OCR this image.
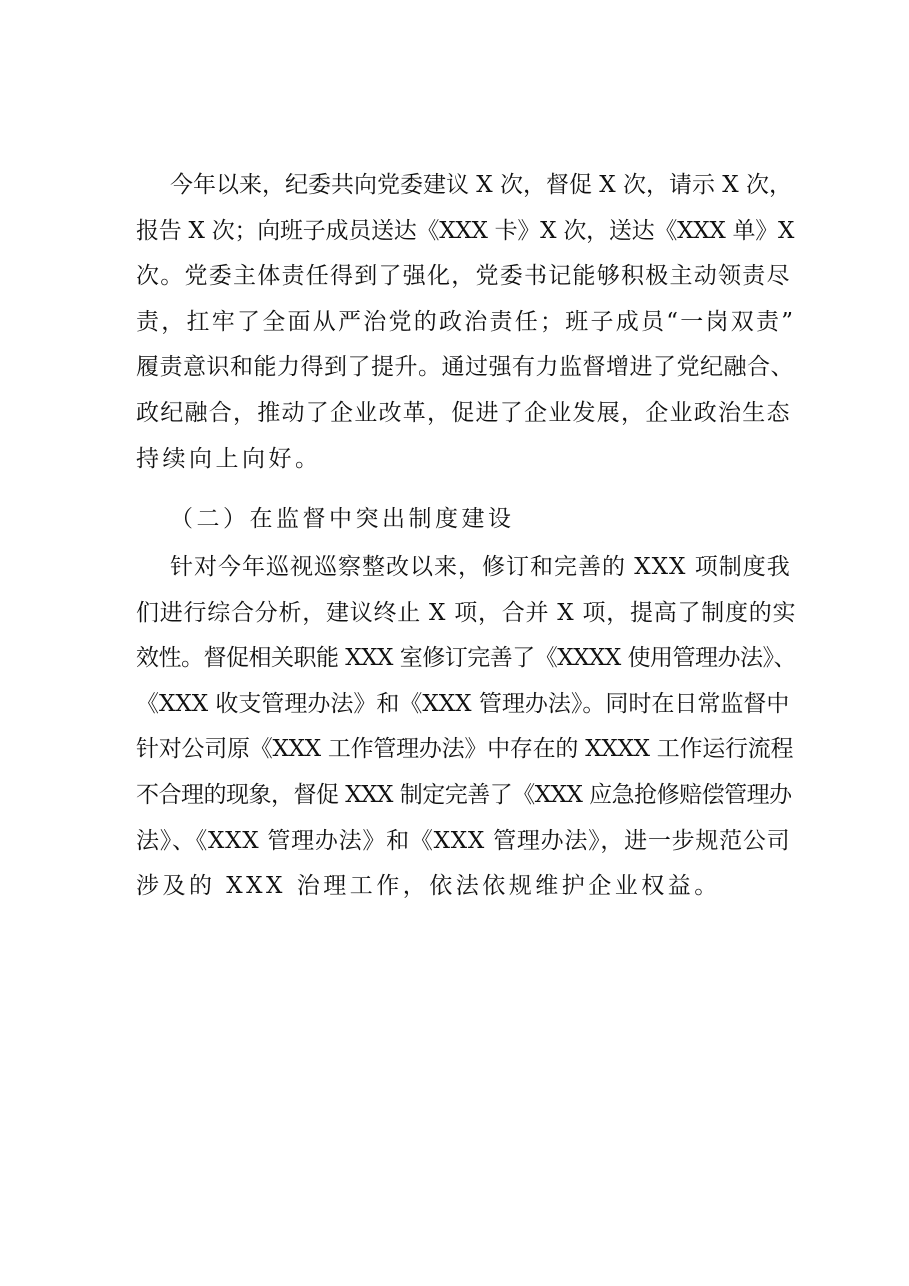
今年以来，纪委共向党委建议 X 次，督促 X 次，请示 X 次，
报告 X 次；向班子成员送达《XXX 卡》X 次，送达《XXX 单》X
次。党委主体责任得到了强化，党委书记能够积极主动领责尽
责，扛牢了全面从严治党的政治责任；班子成员“一岗双责”
履责意识和能力得到了提升。通过强有力监督增进了党纪融合、
政纪融合，推动了企业改革，促进了企业发展，企业政治生态
持续向上向好。
（二）在监督中突出制度建设
针对今年巡视巡察整改以来，修订和完善的 XXX 项制度我
们进行综合分析，建议终止 X 项，合并 X 项，提高了制度的实
效性。督促相关职能 XXX 室修订完善了《XXXX 使用管理办法》、
《XXX 收支管理办法》和《XXX 管理办法》。同时在日常监督中
针对公司原《XXX 工作管理办法》中存在的 XXXX 工作运行流程
不合理的现象，督促 XXX 制定完善了《XXX 应急抢修赔偿管理办
法》、《XXX 管理办法》和《XXX 管理办法》，进一步规范公司
涉及的 XXX 治理工作，依法依规维护企业权益。
